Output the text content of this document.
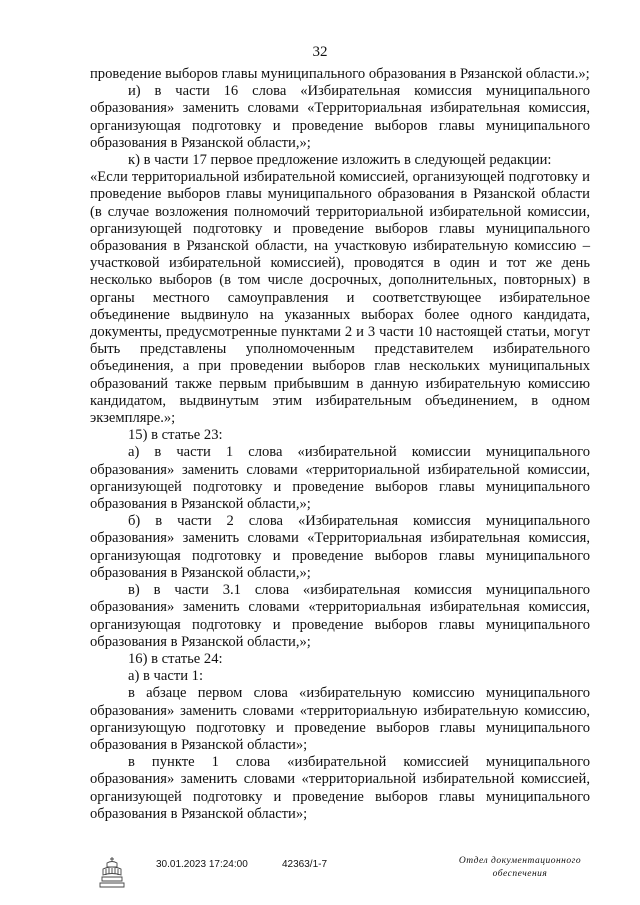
32

проведение выборов главы муниципального образования в Рязанской области.»;

и) в части 16 слова «Избирательная комиссия муниципального образования» заменить словами «Территориальная избирательная комиссия, организующая подготовку и проведение выборов главы муниципального образования в Рязанской области,»;

к) в части 17 первое предложение изложить в следующей редакции:

«Если территориальной избирательной комиссией, организующей подготовку и проведение выборов главы муниципального образования в Рязанской области (в случае возложения полномочий территориальной избирательной комиссии, организующей подготовку и проведение выборов главы муниципального образования в Рязанской области, на участковую избирательную комиссию – участковой избирательной комиссией), проводятся в один и тот же день несколько выборов (в том числе досрочных, дополнительных, повторных) в органы местного самоуправления и соответствующее избирательное объединение выдвинуло на указанных выборах более одного кандидата, документы, предусмотренные пунктами 2 и 3 части 10 настоящей статьи, могут быть представлены уполномоченным представителем избирательного объединения, а при проведении выборов глав нескольких муниципальных образований также первым прибывшим в данную избирательную комиссию кандидатом, выдвинутым этим избирательным объединением, в одном экземпляре.»;

15) в статье 23:

а) в части 1 слова «избирательной комиссии муниципального образования» заменить словами «территориальной избирательной комиссии, организующей подготовку и проведение выборов главы муниципального образования в Рязанской области,»;

б) в части 2 слова «Избирательная комиссия муниципального образования» заменить словами «Территориальная избирательная комиссия, организующая подготовку и проведение выборов главы муниципального образования в Рязанской области,»;

в) в части 3.1 слова «избирательная комиссия муниципального образования» заменить словами «территориальная избирательная комиссия, организующая подготовку и проведение выборов главы муниципального образования в Рязанской области,»;

16) в статье 24:

а) в части 1:

в абзаце первом слова «избирательную комиссию муниципального образования» заменить словами «территориальную избирательную комиссию, организующую подготовку и проведение выборов главы муниципального образования в Рязанской области»;

в пункте 1 слова «избирательной комиссией муниципального образования» заменить словами «территориальной избирательной комиссией, организующей подготовку и проведение выборов главы муниципального образования в Рязанской области»;

30.01.2023 17:24:00	42363/1-7	Отдел документационного
обеспечения
